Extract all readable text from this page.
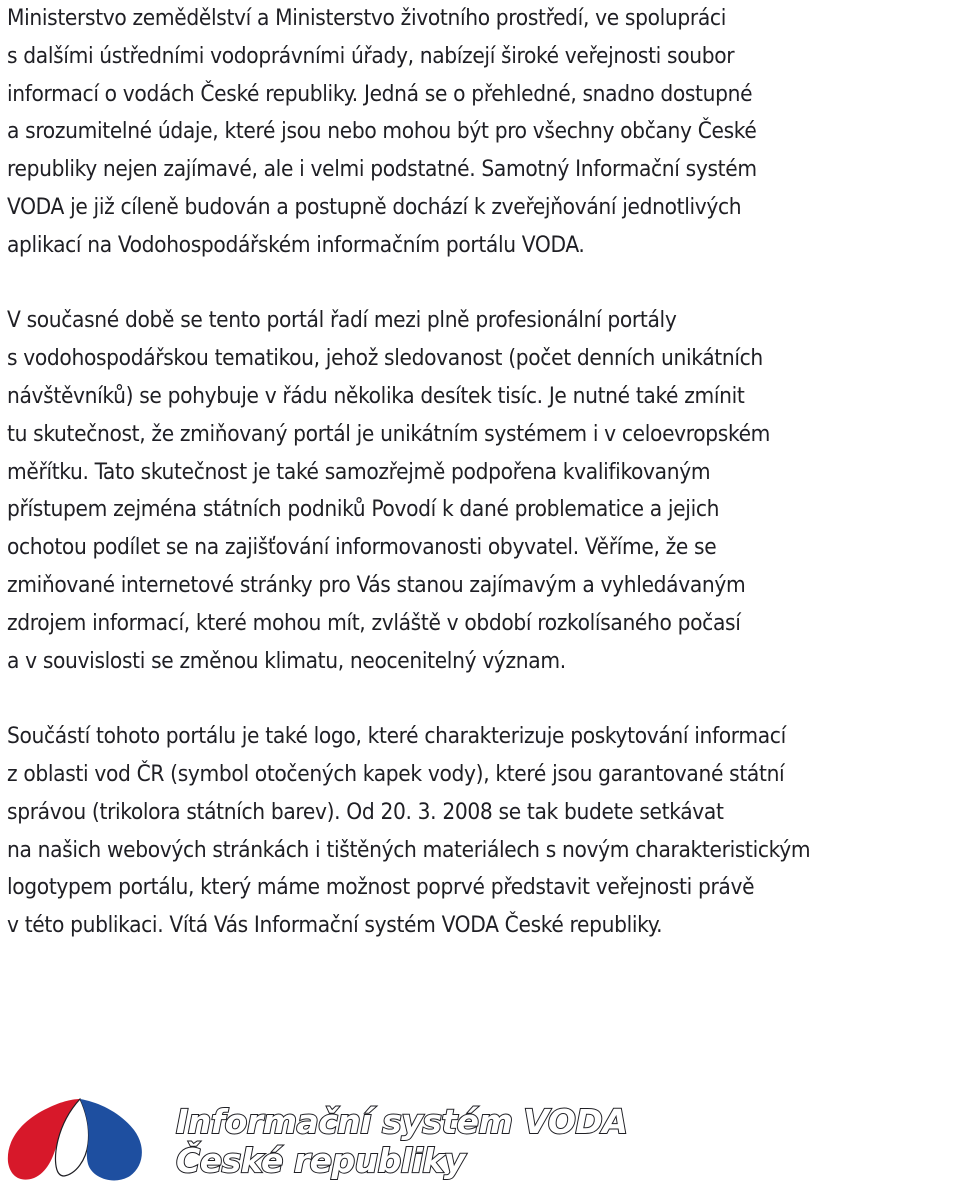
Ministerstvo zemědělství a Ministerstvo životního prostředí, ve spolupráci
s dalšími ústředními vodoprávními úřady, nabízejí široké veřejnosti soubor
informací o vodách České republiky. Jedná se o přehledné, snadno dostupné
a srozumitelné údaje, které jsou nebo mohou být pro všechny občany České
republiky nejen zajímavé, ale i velmi podstatné. Samotný Informační systém
VODA je již cíleně budován a postupně dochází k zveřejňování jednotlivých
aplikací na Vodohospodářském informačním portálu VODA.

V současné době se tento portál řadí mezi plně profesionální portály
s vodohospodářskou tematikou, jehož sledovanost (počet denních unikátních
návštěvníků) se pohybuje v řádu několika desítek tisíc. Je nutné také zmínit
tu skutečnost, že zmiňovaný portál je unikátním systémem i v celoevropském
měřítku. Tato skutečnost je také samozřejmě podpořena kvalifikovaným
přístupem zejména státních podniků Povodí k dané problematice a jejich
ochotou podílet se na zajišťování informovanosti obyvatel. Věříme, že se
zmiňované internetové stránky pro Vás stanou zajímavým a vyhledávaným
zdrojem informací, které mohou mít, zvláště v období rozkolísaného počasí
a v souvislosti se změnou klimatu, neocenitelný význam.

Součástí tohoto portálu je také logo, které charakterizuje poskytování informací
z oblasti vod ČR (symbol otočených kapek vody), které jsou garantované státní
správou (trikolora státních barev). Od 20. 3. 2008 se tak budete setkávat
na našich webových stránkách i tištěných materiálech s novým charakteristickým
logotypem portálu, který máme možnost poprvé představit veřejnosti právě
v této publikaci. Vítá Vás Informační systém VODA České republiky.

Informační systém VODA
České republiky
